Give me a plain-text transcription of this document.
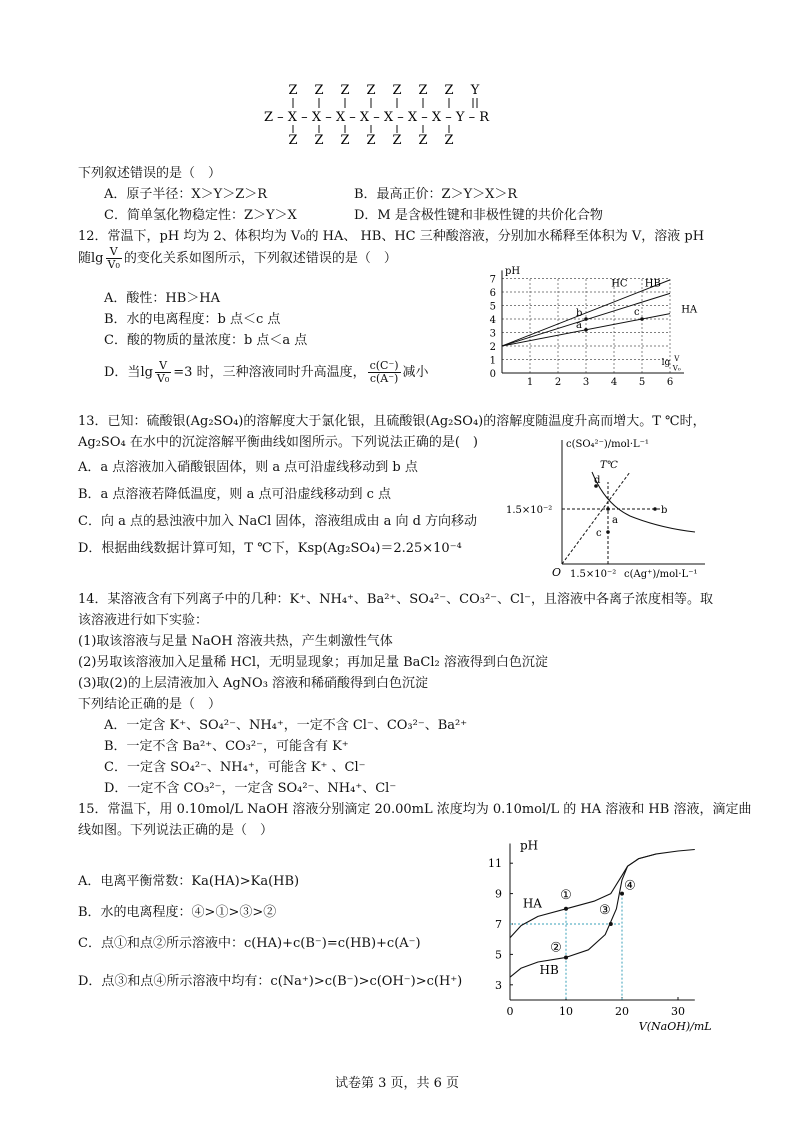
Z Z Z Z Z Z Z Y
Z – X – X – X – X – X – X – X – Y – R
Z Z Z Z Z Z Z
下列叙述错误的是（　）
A．原子半径：X＞Y＞Z＞R	B．最高正价：Z＞Y＞X＞R
C．简单氢化物稳定性：Z＞Y＞X	D．M 是含极性键和非极性键的共价化合物
12．常温下，pH 均为 2、体积均为 V₀的 HA、 HB、HC 三种酸溶液，分别加水稀释至体积为 V，溶液 pH
随$\lg \frac{V}{\text{V₀}}$ 的变化关系如图所示，下列叙述错误的是（　）
A．酸性：HB＞HA
B．水的电离程度：b 点＜c 点
C．酸的物质的量浓度：b 点＜a 点
D．当$\lg \frac{V}{\text{V₀}} =3$ 时，三种溶液同时升高温度， $\frac{c(C^-)}{c(A^-)}$ 减小
pH
1 2 3 4 5 6
0
1
2
3
4
5
6
7
lg V
V₀
HC HB
HA
b
a
c
13．已知：硫酸银(Ag₂SO₄)的溶解度大于氯化银，且硫酸银(Ag₂SO₄)的溶解度随温度升高而增大。T ℃时，
Ag₂SO₄ 在水中的沉淀溶解平衡曲线如图所示。下列说法正确的是(　)
A．a 点溶液加入硝酸银固体，则 a 点可沿虚线移动到 b 点
B．a 点溶液若降低温度，则 a 点可沿虚线移动到 c 点
C．向 a 点的悬浊液中加入 NaCl 固体，溶液组成由 a 向 d 方向移动
D．根据曲线数据计算可知，T ℃下，Ksp(Ag₂SO₄)＝2.25×10⁻⁴
c(SO₄²⁻)/mol·L⁻¹
T℃
O 1.5×10⁻² c(Ag⁺)/mol·L⁻¹
1.5×10⁻²
a
b
c
d
14．某溶液含有下列离子中的几种：K⁺、NH₄⁺、Ba²⁺、SO₄²⁻、CO₃²⁻、Cl⁻，且溶液中各离子浓度相等。取
该溶液进行如下实验：
(1)取该溶液与足量 NaOH 溶液共热，产生刺激性气体
(2)另取该溶液加入足量稀 HCl，无明显现象；再加足量 BaCl₂ 溶液得到白色沉淀
(3)取(2)的上层清液加入 AgNO₃ 溶液和稀硝酸得到白色沉淀
下列结论正确的是（　）
A．一定含 K⁺、SO₄²⁻、NH₄⁺，一定不含 Cl⁻、CO₃²⁻、Ba²⁺
B．一定不含 Ba²⁺、CO₃²⁻，可能含有 K⁺
C．一定含 SO₄²⁻、NH₄⁺，可能含 K⁺ 、Cl⁻
D．一定不含 CO₃²⁻，一定含 SO₄²⁻、NH₄⁺、Cl⁻
15．常温下，用 0.10mol/L NaOH 溶液分别滴定 20.00mL 浓度均为 0.10mol/L 的 HA 溶液和 HB 溶液，滴定曲
线如图。下列说法正确的是（　）
A．电离平衡常数：Ka(HA)>Ka(HB)
B．水的电离程度：④>①>③>②
C．点①和点②所示溶液中：c(HA)+c(B⁻)=c(HB)+c(A⁻)
D．点③和点④所示溶液中均有：c(Na⁺)>c(B⁻)>c(OH⁻)>c(H⁺)
pH
V(NaOH)/mL
0	10	20	30
3
5
7
9
11
HA
HB
①
②
③
④
试卷第 3 页，共 6 页
